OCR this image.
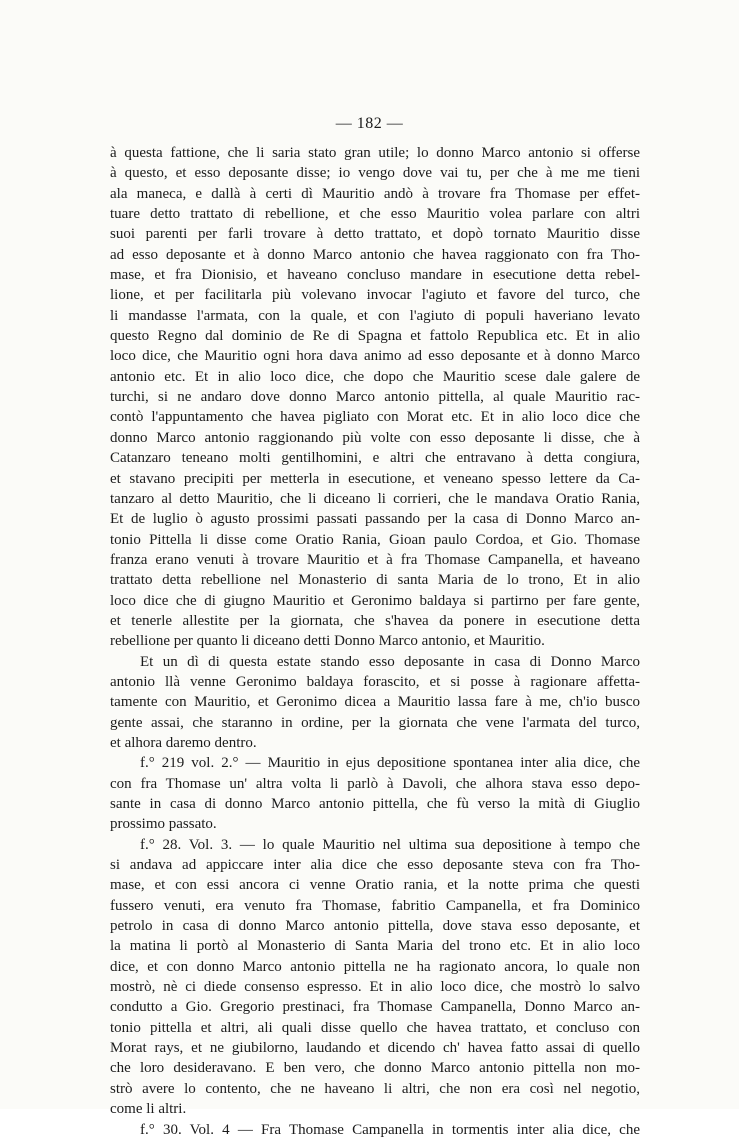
— 182 —
à questa fattione, che li saria stato gran utile; lo donno Marco antonio si offerse
à questo, et esso deposante disse; io vengo dove vai tu, per che à me me tieni
ala maneca, e dallà à certi dì Mauritio andò à trovare fra Thomase per effet-
tuare detto trattato di rebellione, et che esso Mauritio volea parlare con altri
suoi parenti per farli trovare à detto trattato, et dopò tornato Mauritio disse
ad esso deposante et à donno Marco antonio che havea raggionato con fra Tho-
mase, et fra Dionisio, et haveano concluso mandare in esecutione detta rebel-
lione, et per facilitarla più volevano invocar l'agiuto et favore del turco, che
li mandasse l'armata, con la quale, et con l'agiuto di populi haveriano levato
questo Regno dal dominio de Re di Spagna et fattolo Republica etc. Et in alio
loco dice, che Mauritio ogni hora dava animo ad esso deposante et à donno Marco
antonio etc. Et in alio loco dice, che dopo che Mauritio scese dale galere de
turchi, si ne andaro dove donno Marco antonio pittella, al quale Mauritio rac-
contò l'appuntamento che havea pigliato con Morat etc. Et in alio loco dice che
donno Marco antonio raggionando più volte con esso deposante li disse, che à
Catanzaro teneano molti gentilhomini, e altri che entravano à detta congiura,
et stavano precipiti per metterla in esecutione, et veneano spesso lettere da Ca-
tanzaro al detto Mauritio, che li diceano li corrieri, che le mandava Oratio Rania,
Et de luglio ò agusto prossimi passati passando per la casa di Donno Marco an-
tonio Pittella li disse come Oratio Rania, Gioan paulo Cordoa, et Gio. Thomase
franza erano venuti à trovare Mauritio et à fra Thomase Campanella, et haveano
trattato detta rebellione nel Monasterio di santa Maria de lo trono, Et in alio
loco dice che di giugno Mauritio et Geronimo baldaya si partirno per fare gente,
et tenerle allestite per la giornata, che s'havea da ponere in esecutione detta
rebellione per quanto li diceano detti Donno Marco antonio, et Mauritio.
Et un dì di questa estate stando esso deposante in casa di Donno Marco
antonio llà venne Geronimo baldaya forascito, et si posse à ragionare affetta-
tamente con Mauritio, et Geronimo dicea a Mauritio lassa fare à me, ch'io busco
gente assai, che staranno in ordine, per la giornata che vene l'armata del turco,
et alhora daremo dentro.
f.° 219 vol. 2.° — Mauritio in ejus depositione spontanea inter alia dice, che
con fra Thomase un' altra volta li parlò à Davoli, che alhora stava esso depo-
sante in casa di donno Marco antonio pittella, che fù verso la mità di Giuglio
prossimo passato.
f.° 28. Vol. 3. — lo quale Mauritio nel ultima sua depositione à tempo che
si andava ad appiccare inter alia dice che esso deposante steva con fra Tho-
mase, et con essi ancora ci venne Oratio rania, et la notte prima che questi
fussero venuti, era venuto fra Thomase, fabritio Campanella, et fra Dominico
petrolo in casa di donno Marco antonio pittella, dove stava esso deposante, et
la matina li portò al Monasterio di Santa Maria del trono etc. Et in alio loco
dice, et con donno Marco antonio pittella ne ha ragionato ancora, lo quale non
mostrò, nè ci diede consenso espresso. Et in alio loco dice, che mostrò lo salvo
condutto a Gio. Gregorio prestinaci, fra Thomase Campanella, Donno Marco an-
tonio pittella et altri, ali quali disse quello che havea trattato, et concluso con
Morat rays, et ne giubilorno, laudando et dicendo ch' havea fatto assai di quello
che loro desideravano. E ben vero, che donno Marco antonio pittella non mo-
strò avere lo contento, che ne haveano li altri, che non era così nel negotio,
come li altri.
f.° 30. Vol. 4 — Fra Thomase Campanella in tormentis inter alia dice, che
